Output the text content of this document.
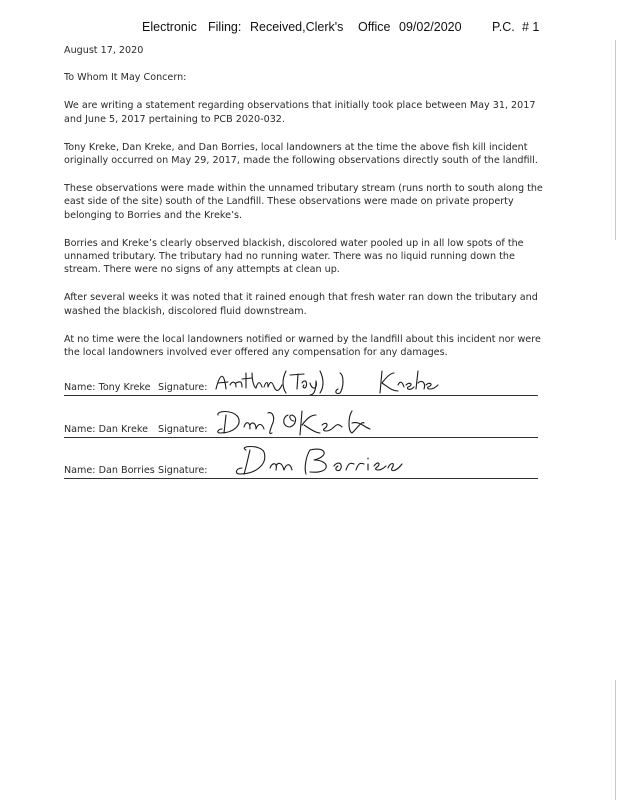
Electronic Filing: Received,Clerk's Office 09/02/2020 P.C. # 1

August 17, 2020

To Whom It May Concern:

We are writing a statement regarding observations that initially took place between May 31, 2017 and June 5, 2017 pertaining to PCB 2020-032.

Tony Kreke, Dan Kreke, and Dan Borries, local landowners at the time the above fish kill incident originally occurred on May 29, 2017, made the following observations directly south of the landfill.

These observations were made within the unnamed tributary stream (runs north to south along the east side of the site) south of the Landfill. These observations were made on private property belonging to Borries and the Kreke’s.

Borries and Kreke’s clearly observed blackish, discolored water pooled up in all low spots of the unnamed tributary. The tributary had no running water. There was no liquid running down the stream. There were no signs of any attempts at clean up.

After several weeks it was noted that it rained enough that fresh water ran down the tributary and washed the blackish, discolored fluid downstream.

At no time were the local landowners notified or warned by the landfill about this incident nor were the local landowners involved ever offered any compensation for any damages.

Name: Tony Kreke Signature:
Name: Dan Kreke Signature:
Name: Dan Borries Signature:
